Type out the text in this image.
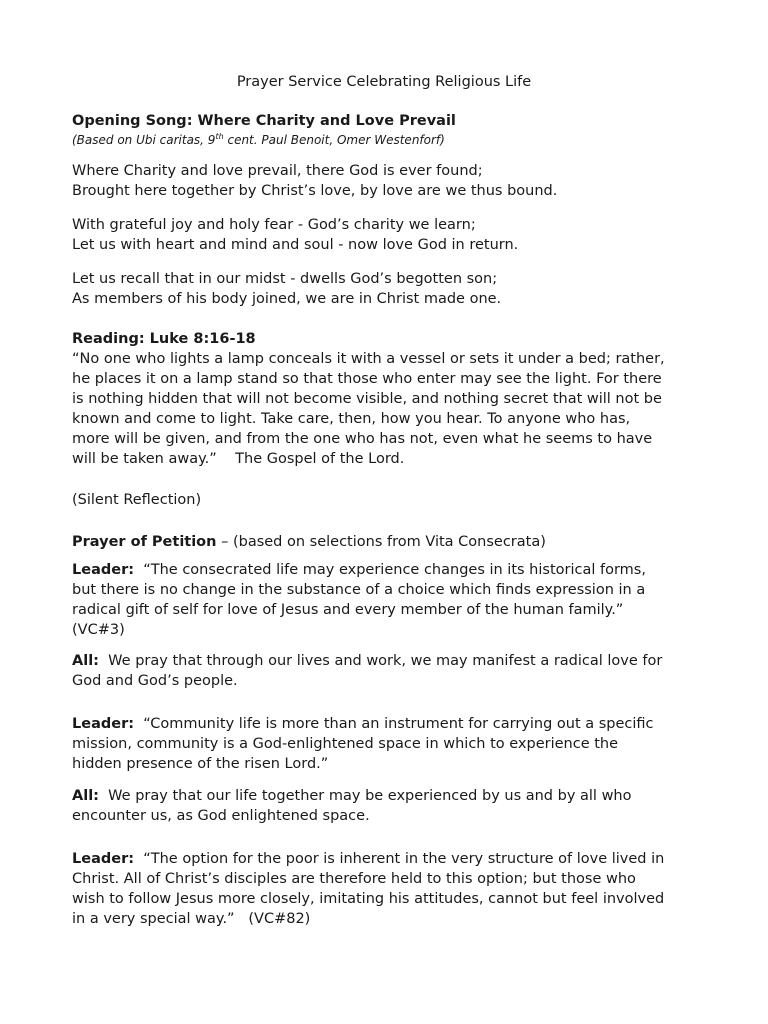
Prayer Service Celebrating Religious Life
Opening Song: Where Charity and Love Prevail
(Based on Ubi caritas, 9th cent. Paul Benoit, Omer Westenforf)
Where Charity and love prevail, there God is ever found;
Brought here together by Christ’s love, by love are we thus bound.
With grateful joy and holy fear - God’s charity we learn;
Let us with heart and mind and soul - now love God in return.
Let us recall that in our midst - dwells God’s begotten son;
As members of his body joined, we are in Christ made one.
Reading: Luke 8:16-18
“No one who lights a lamp conceals it with a vessel or sets it under a bed; rather,
he places it on a lamp stand so that those who enter may see the light. For there
is nothing hidden that will not become visible, and nothing secret that will not be
known and come to light. Take care, then, how you hear. To anyone who has,
more will be given, and from the one who has not, even what he seems to have
will be taken away.”    The Gospel of the Lord.
(Silent Reflection)
Prayer of Petition – (based on selections from Vita Consecrata)
Leader:  “The consecrated life may experience changes in its historical forms,
but there is no change in the substance of a choice which finds expression in a
radical gift of self for love of Jesus and every member of the human family.”
(VC#3)
All:  We pray that through our lives and work, we may manifest a radical love for
God and God’s people.
Leader:  “Community life is more than an instrument for carrying out a specific
mission, community is a God-enlightened space in which to experience the
hidden presence of the risen Lord.”
All:  We pray that our life together may be experienced by us and by all who
encounter us, as God enlightened space.
Leader:  “The option for the poor is inherent in the very structure of love lived in
Christ. All of Christ’s disciples are therefore held to this option; but those who
wish to follow Jesus more closely, imitating his attitudes, cannot but feel involved
in a very special way.”   (VC#82)
